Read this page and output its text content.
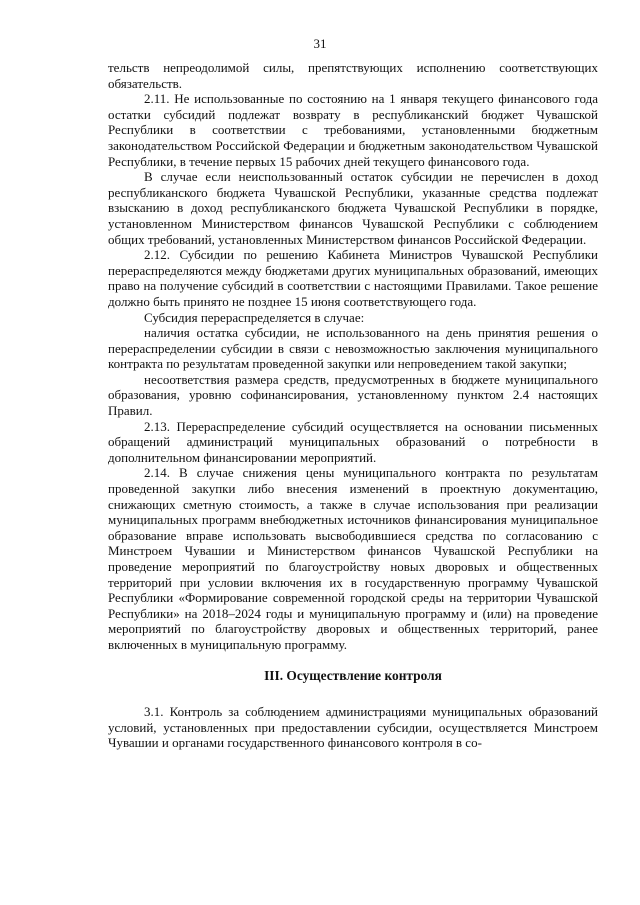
31

тельств непреодолимой силы, препятствующих исполнению соответствующих обязательств.

2.11. Не использованные по состоянию на 1 января текущего финансового года остатки субсидий подлежат возврату в республиканский бюджет Чувашской Республики в соответствии с требованиями, установленными бюджетным законодательством Российской Федерации и бюджетным законодательством Чувашской Республики, в течение первых 15 рабочих дней текущего финансового года.

В случае если неиспользованный остаток субсидии не перечислен в доход республиканского бюджета Чувашской Республики, указанные средства подлежат взысканию в доход республиканского бюджета Чувашской Республики в порядке, установленном Министерством финансов Чувашской Республики с соблюдением общих требований, установленных Министерством финансов Российской Федерации.

2.12. Субсидии по решению Кабинета Министров Чувашской Республики перераспределяются между бюджетами других муниципальных образований, имеющих право на получение субсидий в соответствии с настоящими Правилами. Такое решение должно быть принято не позднее 15 июня соответствующего года.

Субсидия перераспределяется в случае:

наличия остатка субсидии, не использованного на день принятия решения о перераспределении субсидии в связи с невозможностью заключения муниципального контракта по результатам проведенной закупки или непроведением такой закупки;

несоответствия размера средств, предусмотренных в бюджете муниципального образования, уровню софинансирования, установленному пунктом 2.4 настоящих Правил.

2.13. Перераспределение субсидий осуществляется на основании письменных обращений администраций муниципальных образований о потребности в дополнительном финансировании мероприятий.

2.14. В случае снижения цены муниципального контракта по результатам проведенной закупки либо внесения изменений в проектную документацию, снижающих сметную стоимость, а также в случае использования при реализации муниципальных программ внебюджетных источников финансирования муниципальное образование вправе использовать высвободившиеся средства по согласованию с Минстроем Чувашии и Министерством финансов Чувашской Республики на проведение мероприятий по благоустройству новых дворовых и общественных территорий при условии включения их в государственную программу Чувашской Республики «Формирование современной городской среды на территории Чувашской Республики» на 2018–2024 годы и муниципальную программу и (или) на проведение мероприятий по благоустройству дворовых и общественных территорий, ранее включенных в муниципальную программу.

III. Осуществление контроля

3.1. Контроль за соблюдением администрациями муниципальных образований условий, установленных при предоставлении субсидии, осуществляется Минстроем Чувашии и органами государственного финансового контроля в со-
